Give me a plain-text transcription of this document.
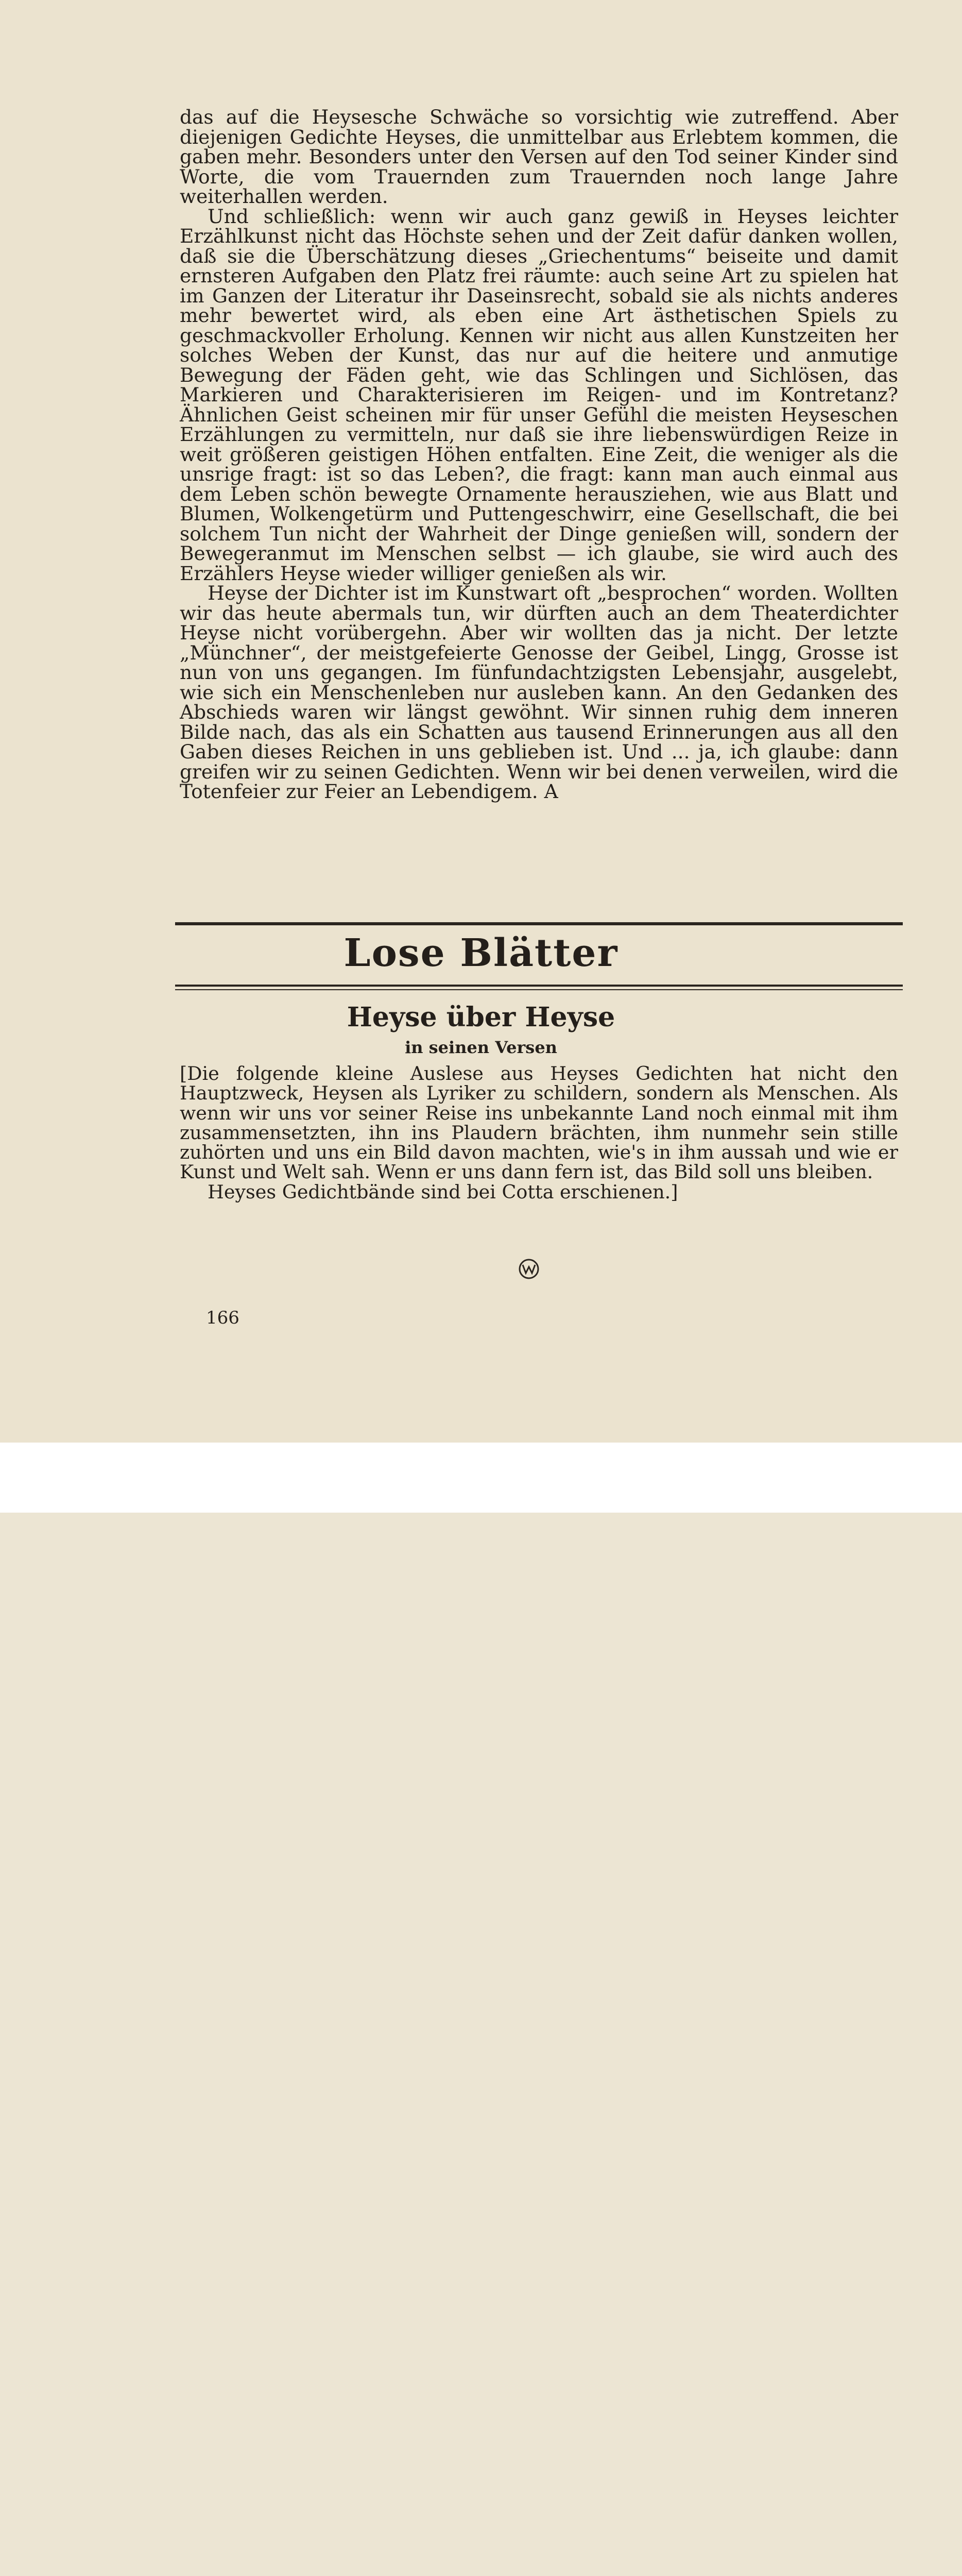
das auf die Heysesche Schwäche so vorsichtig wie zutreffend. Aber diejenigen Gedichte Heyses, die unmittelbar aus Erlebtem kommen, die gaben mehr. Besonders unter den Versen auf den Tod seiner Kinder sind Worte, die vom Trauernden zum Trauernden noch lange Jahre weiterhallen werden.

Und schließlich: wenn wir auch ganz gewiß in Heyses leichter Erzählkunst nicht das Höchste sehen und der Zeit dafür danken wollen, daß sie die Überschätzung dieses „Griechentums“ beiseite und damit ernsteren Aufgaben den Platz frei räumte: auch seine Art zu spielen hat im Ganzen der Literatur ihr Daseinsrecht, sobald sie als nichts anderes mehr bewertet wird, als eben eine Art ästhetischen Spiels zu geschmackvoller Erholung. Kennen wir nicht aus allen Kunstzeiten her solches Weben der Kunst, das nur auf die heitere und anmutige Bewegung der Fäden geht, wie das Schlingen und Sichlösen, das Markieren und Charakterisieren im Reigen- und im Kontretanz? Ähnlichen Geist scheinen mir für unser Gefühl die meisten Heyseschen Erzählungen zu vermitteln, nur daß sie ihre liebenswürdigen Reize in weit größeren geistigen Höhen entfalten. Eine Zeit, die weniger als die unsrige fragt: ist so das Leben?, die fragt: kann man auch einmal aus dem Leben schön bewegte Ornamente herausziehen, wie aus Blatt und Blumen, Wolkengetürm und Puttengeschwirr, eine Gesellschaft, die bei solchem Tun nicht der Wahrheit der Dinge genießen will, sondern der Bewegeranmut im Menschen selbst — ich glaube, sie wird auch des Erzählers Heyse wieder williger genießen als wir.

Heyse der Dichter ist im Kunstwart oft „besprochen“ worden. Wollten wir das heute abermals tun, wir dürften auch an dem Theaterdichter Heyse nicht vorübergehn. Aber wir wollten das ja nicht. Der letzte „Münchner“, der meistgefeierte Genosse der Geibel, Lingg, Grosse ist nun von uns gegangen. Im fünfundachtzigsten Lebensjahr, ausgelebt, wie sich ein Menschenleben nur ausleben kann. An den Gedanken des Abschieds waren wir längst gewöhnt. Wir sinnen ruhig dem inneren Bilde nach, das als ein Schatten aus tausend Erinnerungen aus all den Gaben dieses Reichen in uns geblieben ist. Und ... ja, ich glaube: dann greifen wir zu seinen Gedichten. Wenn wir bei denen verweilen, wird die Totenfeier zur Feier an Lebendigem. A

Lose Blätter
Heyse über Heyse
in seinen Versen

[Die folgende kleine Auslese aus Heyses Gedichten hat nicht den Hauptzweck, Heysen als Lyriker zu schildern, sondern als Menschen. Als wenn wir uns vor seiner Reise ins unbekannte Land noch einmal mit ihm zusammensetzten, ihn ins Plaudern brächten, ihm nunmehr sein stille zuhörten und uns ein Bild davon machten, wie's in ihm aussah und wie er Kunst und Welt sah. Wenn er uns dann fern ist, das Bild soll uns bleiben.

Heyses Gedichtbände sind bei Cotta erschienen.]

166
